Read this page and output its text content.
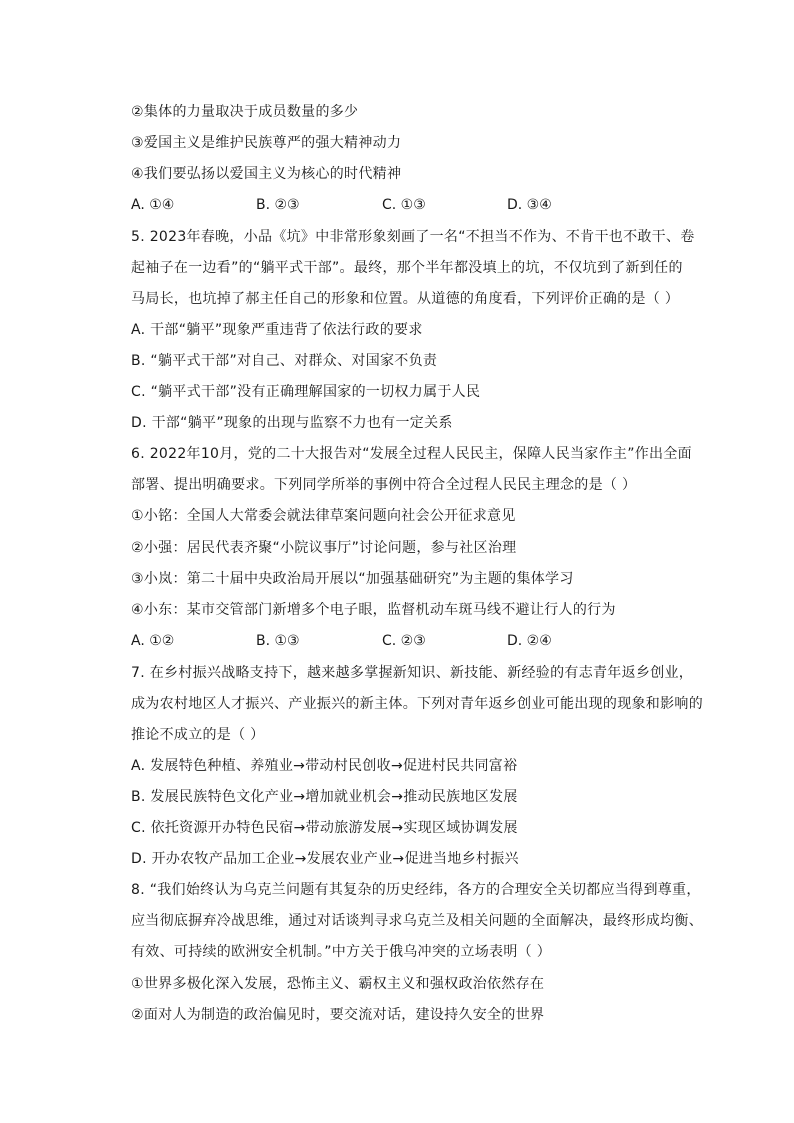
②集体的力量取决于成员数量的多少
③爱国主义是维护民族尊严的强大精神动力
④我们要弘扬以爱国主义为核心的时代精神
A. ①④	B. ②③	C. ①③	D. ③④
5. 2023年春晚，小品《坑》中非常形象刻画了一名“不担当不作为、不肯干也不敢干、卷
起袖子在一边看”的“躺平式干部”。最终，那个半年都没填上的坑，不仅坑到了新到任的
马局长，也坑掉了郝主任自己的形象和位置。从道德的角度看，下列评价正确的是（ ）
A. 干部“躺平”现象严重违背了依法行政的要求
B. “躺平式干部”对自己、对群众、对国家不负责
C. “躺平式干部”没有正确理解国家的一切权力属于人民
D. 干部“躺平”现象的出现与监察不力也有一定关系
6. 2022年10月，党的二十大报告对“发展全过程人民民主，保障人民当家作主”作出全面
部署、提出明确要求。下列同学所举的事例中符合全过程人民民主理念的是（ ）
①小铭：全国人大常委会就法律草案问题向社会公开征求意见
②小强：居民代表齐聚“小院议事厅”讨论问题，参与社区治理
③小岚：第二十届中央政治局开展以“加强基础研究”为主题的集体学习
④小东：某市交管部门新增多个电子眼，监督机动车斑马线不避让行人的行为
A. ①②	B. ①③	C. ②③	D. ②④
7. 在乡村振兴战略支持下，越来越多掌握新知识、新技能、新经验的有志青年返乡创业，
成为农村地区人才振兴、产业振兴的新主体。下列对青年返乡创业可能出现的现象和影响的
推论不成立的是（ ）
A. 发展特色种植、养殖业→带动村民创收→促进村民共同富裕
B. 发展民族特色文化产业→增加就业机会→推动民族地区发展
C. 依托资源开办特色民宿→带动旅游发展→实现区域协调发展
D. 开办农牧产品加工企业→发展农业产业→促进当地乡村振兴
8. “我们始终认为乌克兰问题有其复杂的历史经纬，各方的合理安全关切都应当得到尊重，
应当彻底摒弃冷战思维，通过对话谈判寻求乌克兰及相关问题的全面解决，最终形成均衡、
有效、可持续的欧洲安全机制。”中方关于俄乌冲突的立场表明（ ）
①世界多极化深入发展，恐怖主义、霸权主义和强权政治依然存在
②面对人为制造的政治偏见时，要交流对话，建设持久安全的世界
